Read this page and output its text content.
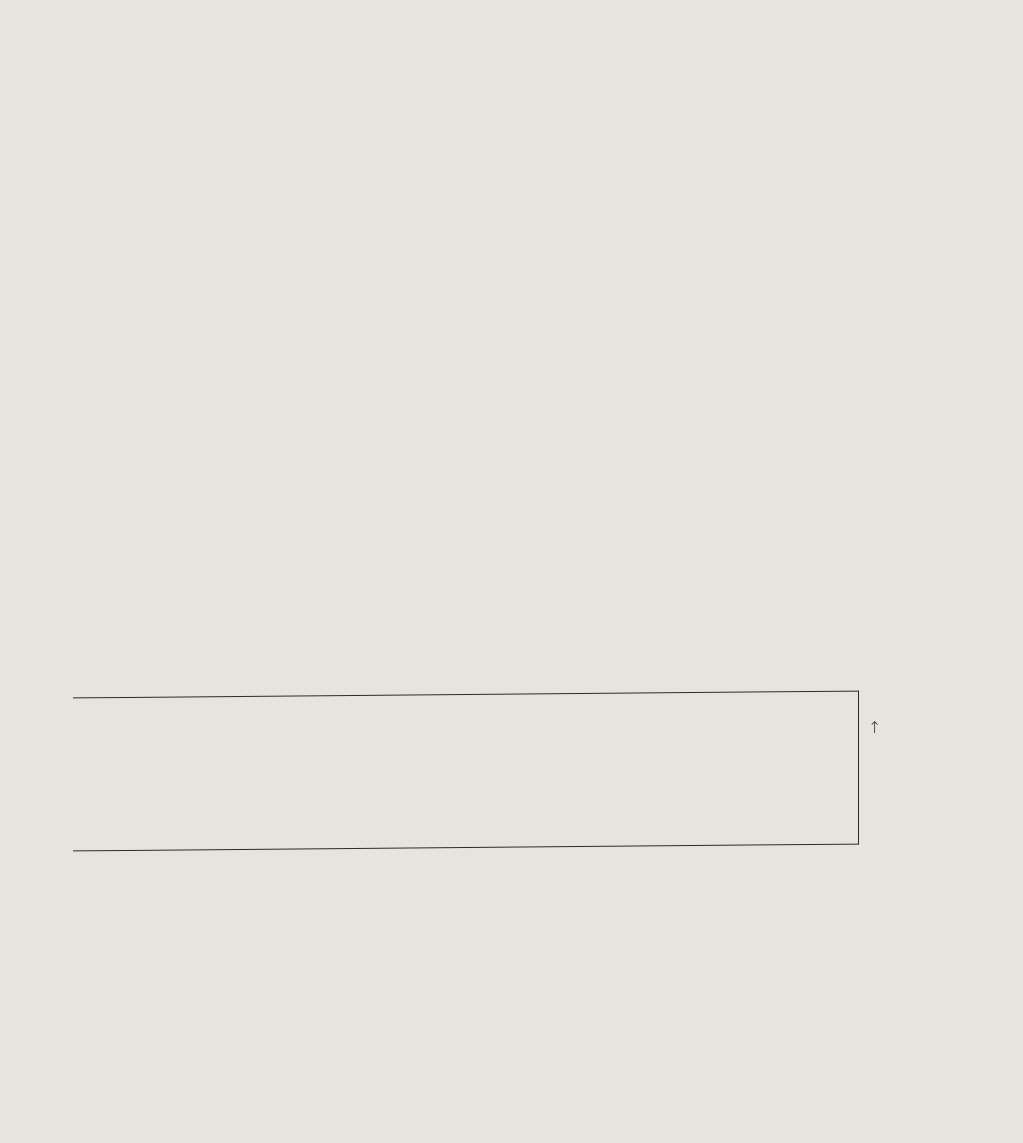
↑
